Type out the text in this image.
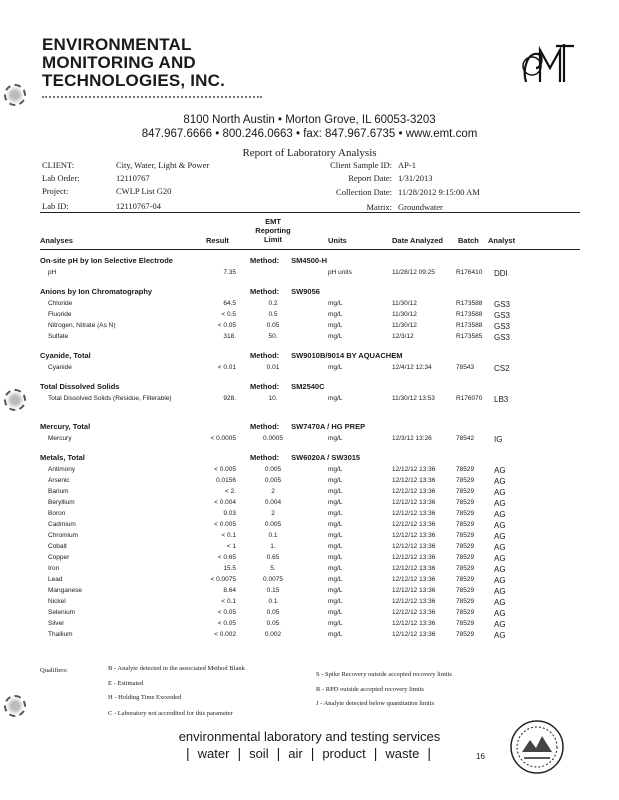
ENVIRONMENTAL
MONITORING AND
TECHNOLOGIES, INC.
8100 North Austin • Morton Grove, IL 60053-3203
847.967.6666 • 800.246.0663 • fax: 847.967.6735 • www.emt.com
Report of Laboratory Analysis
CLIENT:	City, Water, Light & Power
Lab Order:	12110767
Project:	CWLP List G20
Lab ID:	12110767-04
Client Sample ID: AP-1
Report Date: 1/31/2013
Collection Date: 11/28/2012 9:15:00 AM
Matrix: Groundwater
Analyses	Result
EMT
Reporting
Limit	Units	Date Analyzed Batch Analyst
On-site pH by Ion Selective Electrode	Method: SM4500-H
pH	7.35	pH units	11/28/12 09:25	R176410 DDI
Anions by Ion Chromatography	Method: SW9056
Chloride	64.5	0.2	mg/L	11/30/12	R173588 GS3
Fluoride	< 0.5	0.5	mg/L	11/30/12	R173588 GS3
Nitrogen, Nitrate (As N)	< 0.05	0.05	mg/L	11/30/12	R173588 GS3
Sulfate	318.	50.	mg/L	12/3/12	R173585 GS3
Cyanide, Total	Method: SW9010B/9014 BY AQUACHEM
Cyanide	< 0.01	0.01	mg/L	12/4/12 12:34	78543 CS2
Total Dissolved Solids	Method: SM2540C
Total Dissolved Solids (Residue, Filterable)	928.	10.	mg/L	11/30/12 13:53	R176070 LB3
Mercury, Total	Method: SW7470A / HG PREP
Mercury	< 0.0005	0.0005	mg/L	12/3/12 13:26	78542 IG
Metals, Total	Method: SW6020A / SW3015
Antimony	< 0.005	0.005	mg/L	12/12/12 13:36	78529 AG
Arsenic	0.0156	0.005	mg/L	12/12/12 13:36	78529 AG
Barium	< 2.	2	mg/L	12/12/12 13:36	78529 AG
Beryllium	< 0.004	0.004	mg/L	12/12/12 13:36	78529 AG
Boron	9.03	2	mg/L	12/12/12 13:36	78529 AG
Cadmium	< 0.005	0.005	mg/L	12/12/12 13:36	78529 AG
Chromium	< 0.1	0.1	mg/L	12/12/12 13:36	78529 AG
Cobalt	< 1	1.	mg/L	12/12/12 13:36	78529 AG
Copper	< 0.65	0.65	mg/L	12/12/12 13:36	78529 AG
Iron	15.5	5.	mg/L	12/12/12 13:36	78529 AG
Lead	< 0.0075	0.0075	mg/L	12/12/12 13:36	78529 AG
Manganese	8.64	0.15	mg/L	12/12/12 13:36	78529 AG
Nickel	< 0.1	0.1	mg/L	12/12/12 13:36	78529 AG
Selenium	< 0.05	0.05	mg/L	12/12/12 13:36	78529 AG
Silver	< 0.05	0.05	mg/L	12/12/12 13:36	78529 AG
Thallium	< 0.002	0.002	mg/L	12/12/12 13:36	78529 AG
Qualifiers:	B - Analyte detected in the associated Method Blank
E - Estimated
H - Holding Time Exceeded
C - Laboratory not accredited for this parameter
S - Spike Recovery outside accepted recovery limits
R - RPD outside accepted recovery limits
J - Analyte detected below quantitation limits
environmental laboratory and testing services
| water | soil | air | product | waste |	16
